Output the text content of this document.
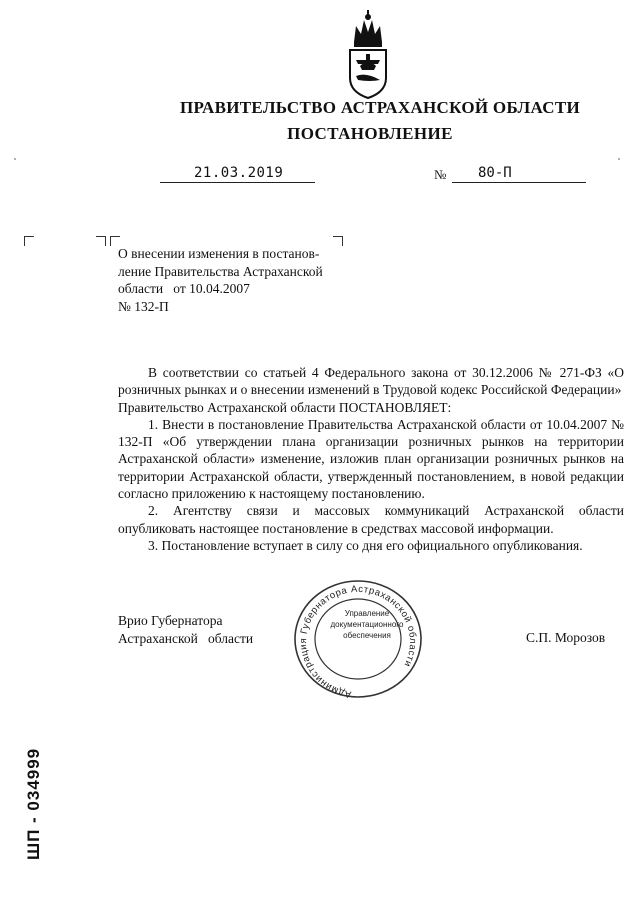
ПРАВИТЕЛЬСТВО АСТРАХАНСКОЙ ОБЛАСТИ
ПОСТАНОВЛЕНИЕ
21.03.2019	№ 80-П
О внесении изменения в постанов-
ление Правительства Астраханской
области   от 10.04.2007
№ 132-П

В соответствии со статьей 4 Федерального закона от 30.12.2006 № 271-ФЗ «О розничных рынках и о внесении изменений в Трудовой кодекс Российской Федерации»

Правительство Астраханской области ПОСТАНОВЛЯЕТ:

1. Внести в постановление Правительства Астраханской области от 10.04.2007 № 132-П «Об утверждении плана организации розничных рынков на территории Астраханской области» изменение, изложив план организации розничных рынков на территории Астраханской области, утвержденный постановлением, в новой редакции согласно приложению к настоящему постановлению.

2. Агентству связи и массовых коммуникаций Астраханской области опубликовать настоящее постановление в средствах массовой информации.

3. Постановление вступает в силу со дня его официального опубликования.

Врио Губернатора
Астраханской   области	С.П. Морозов
Администрация Губернатора Астраханской области
Управление
документационного
обеспечения
ШП - 034999
